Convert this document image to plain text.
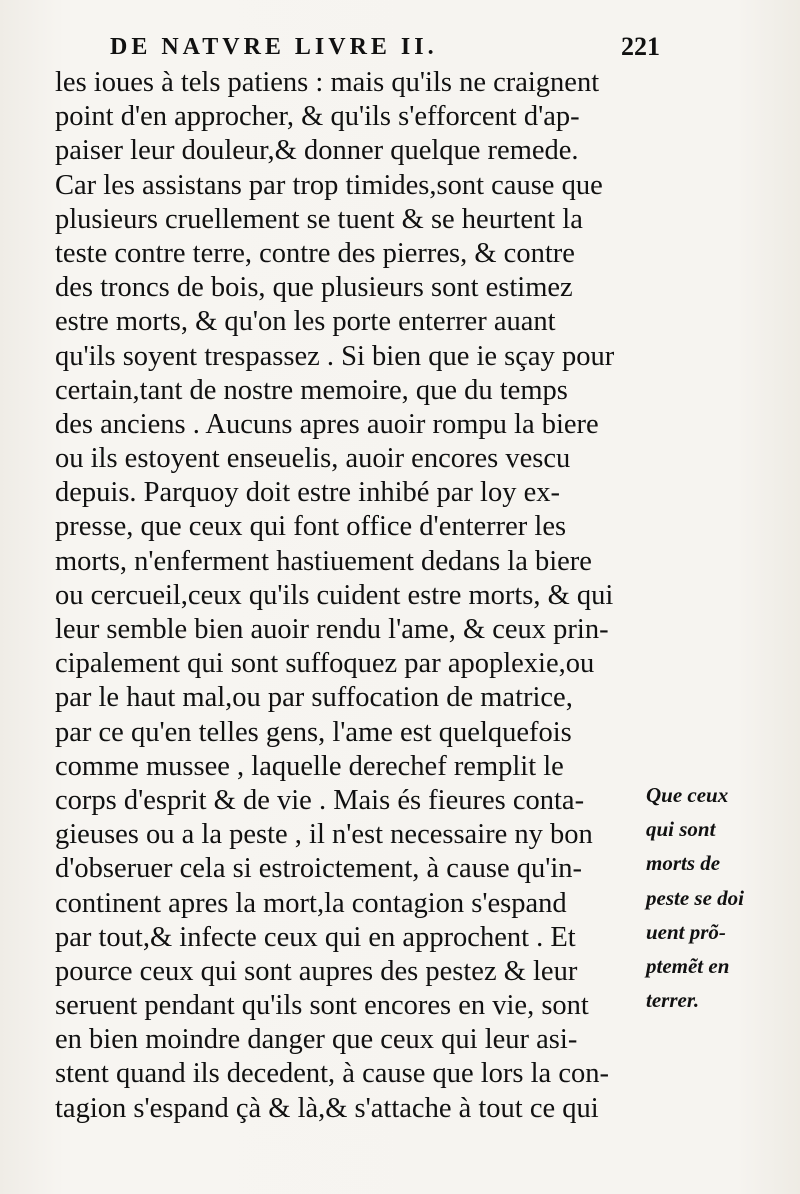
DE NATVRE LIVRE II.	221
les ioues à tels patiens : mais qu'ils ne craignent
point d'en approcher, & qu'ils s'efforcent d'ap-
paiser leur douleur,& donner quelque remede.
Car les assistans par trop timides,sont cause que
plusieurs cruellement se tuent & se heurtent la
teste contre terre, contre des pierres, & contre
des troncs de bois, que plusieurs sont estimez
estre morts, & qu'on les porte enterrer auant
qu'ils soyent trespassez . Si bien que ie sçay pour
certain,tant de nostre memoire, que du temps
des anciens . Aucuns apres auoir rompu la biere
ou ils estoyent enseuelis, auoir encores vescu
depuis. Parquoy doit estre inhibé par loy ex-
presse, que ceux qui font office d'enterrer les
morts, n'enferment hastiuement dedans la biere
ou cercueil,ceux qu'ils cuident estre morts, & qui
leur semble bien auoir rendu l'ame, & ceux prin-
cipalement qui sont suffoquez par apoplexie,ou
par le haut mal,ou par suffocation de matrice,
par ce qu'en telles gens, l'ame est quelquefois
comme mussee , laquelle derechef remplit le
corps d'esprit & de vie . Mais és fieures conta-
gieuses ou a la peste , il n'est necessaire ny bon
d'obseruer cela si estroictement, à cause qu'in-
continent apres la mort,la contagion s'espand
par tout,& infecte ceux qui en approchent . Et
pource ceux qui sont aupres des pestez & leur
seruent pendant qu'ils sont encores en vie, sont
en bien moindre danger que ceux qui leur asi-
stent quand ils decedent, à cause que lors la con-
tagion s'espand çà & là,& s'attache à tout ce qui
Que ceux
qui sont
morts de
peste se doi
uent prõ-
ptemẽt en
terrer.
